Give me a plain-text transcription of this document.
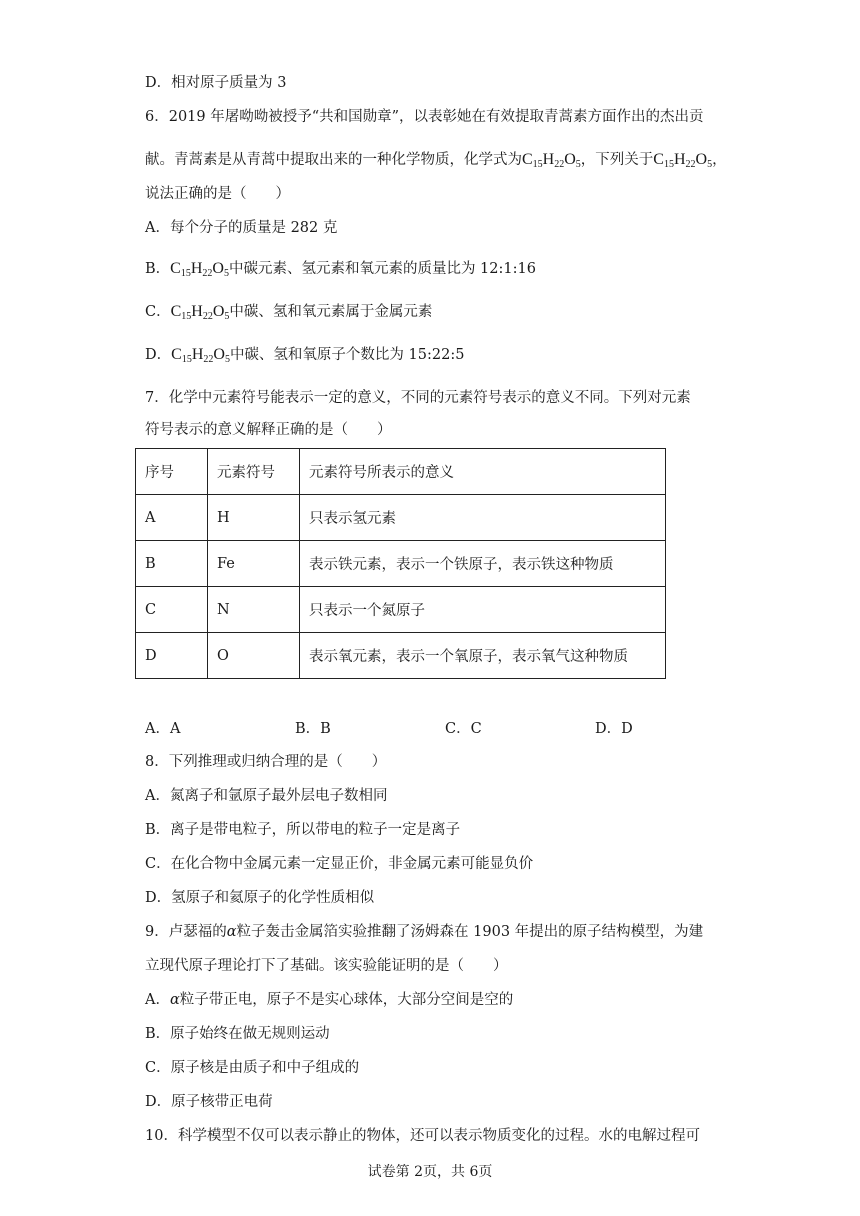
D．相对原子质量为 3
6．2019 年屠呦呦被授予“共和国勋章”，以表彰她在有效提取青蒿素方面作出的杰出贡
献。青蒿素是从青蒿中提取出来的一种化学物质，化学式为$C_{15}H_{22}O_5$，下列关于$C_{15}H_{22}O_5$，
说法正确的是（　　）
A．每个分子的质量是 282 克
B．$C_{15}H_{22}O_5$中碳元素、氢元素和氧元素的质量比为 12:1:16
C．$C_{15}H_{22}O_5$中碳、氢和氧元素属于金属元素
D．$C_{15}H_{22}O_5$中碳、氢和氧原子个数比为 15:22:5
7．化学中元素符号能表示一定的意义，不同的元素符号表示的意义不同。下列对元素
符号表示的意义解释正确的是（　　）
序号	元素符号	元素符号所表示的意义
A	H	只表示氢元素
B	Fe	表示铁元素，表示一个铁原子，表示铁这种物质
C	N	只表示一个氮原子
D	O	表示氧元素，表示一个氧原子，表示氧气这种物质
A．A	B．B	C．C	D．D
8．下列推理或归纳合理的是（　　）
A．氮离子和氩原子最外层电子数相同
B．离子是带电粒子，所以带电的粒子一定是离子
C．在化合物中金属元素一定显正价，非金属元素可能显负价
D．氢原子和氦原子的化学性质相似
9．卢瑟福的α粒子轰击金属箔实验推翻了汤姆森在 1903 年提出的原子结构模型，为建
立现代原子理论打下了基础。该实验能证明的是（　　）
A．α粒子带正电，原子不是实心球体，大部分空间是空的
B．原子始终在做无规则运动
C．原子核是由质子和中子组成的
D．原子核带正电荷
10．科学模型不仅可以表示静止的物体，还可以表示物质变化的过程。水的电解过程可
试卷第 2页，共 6页
